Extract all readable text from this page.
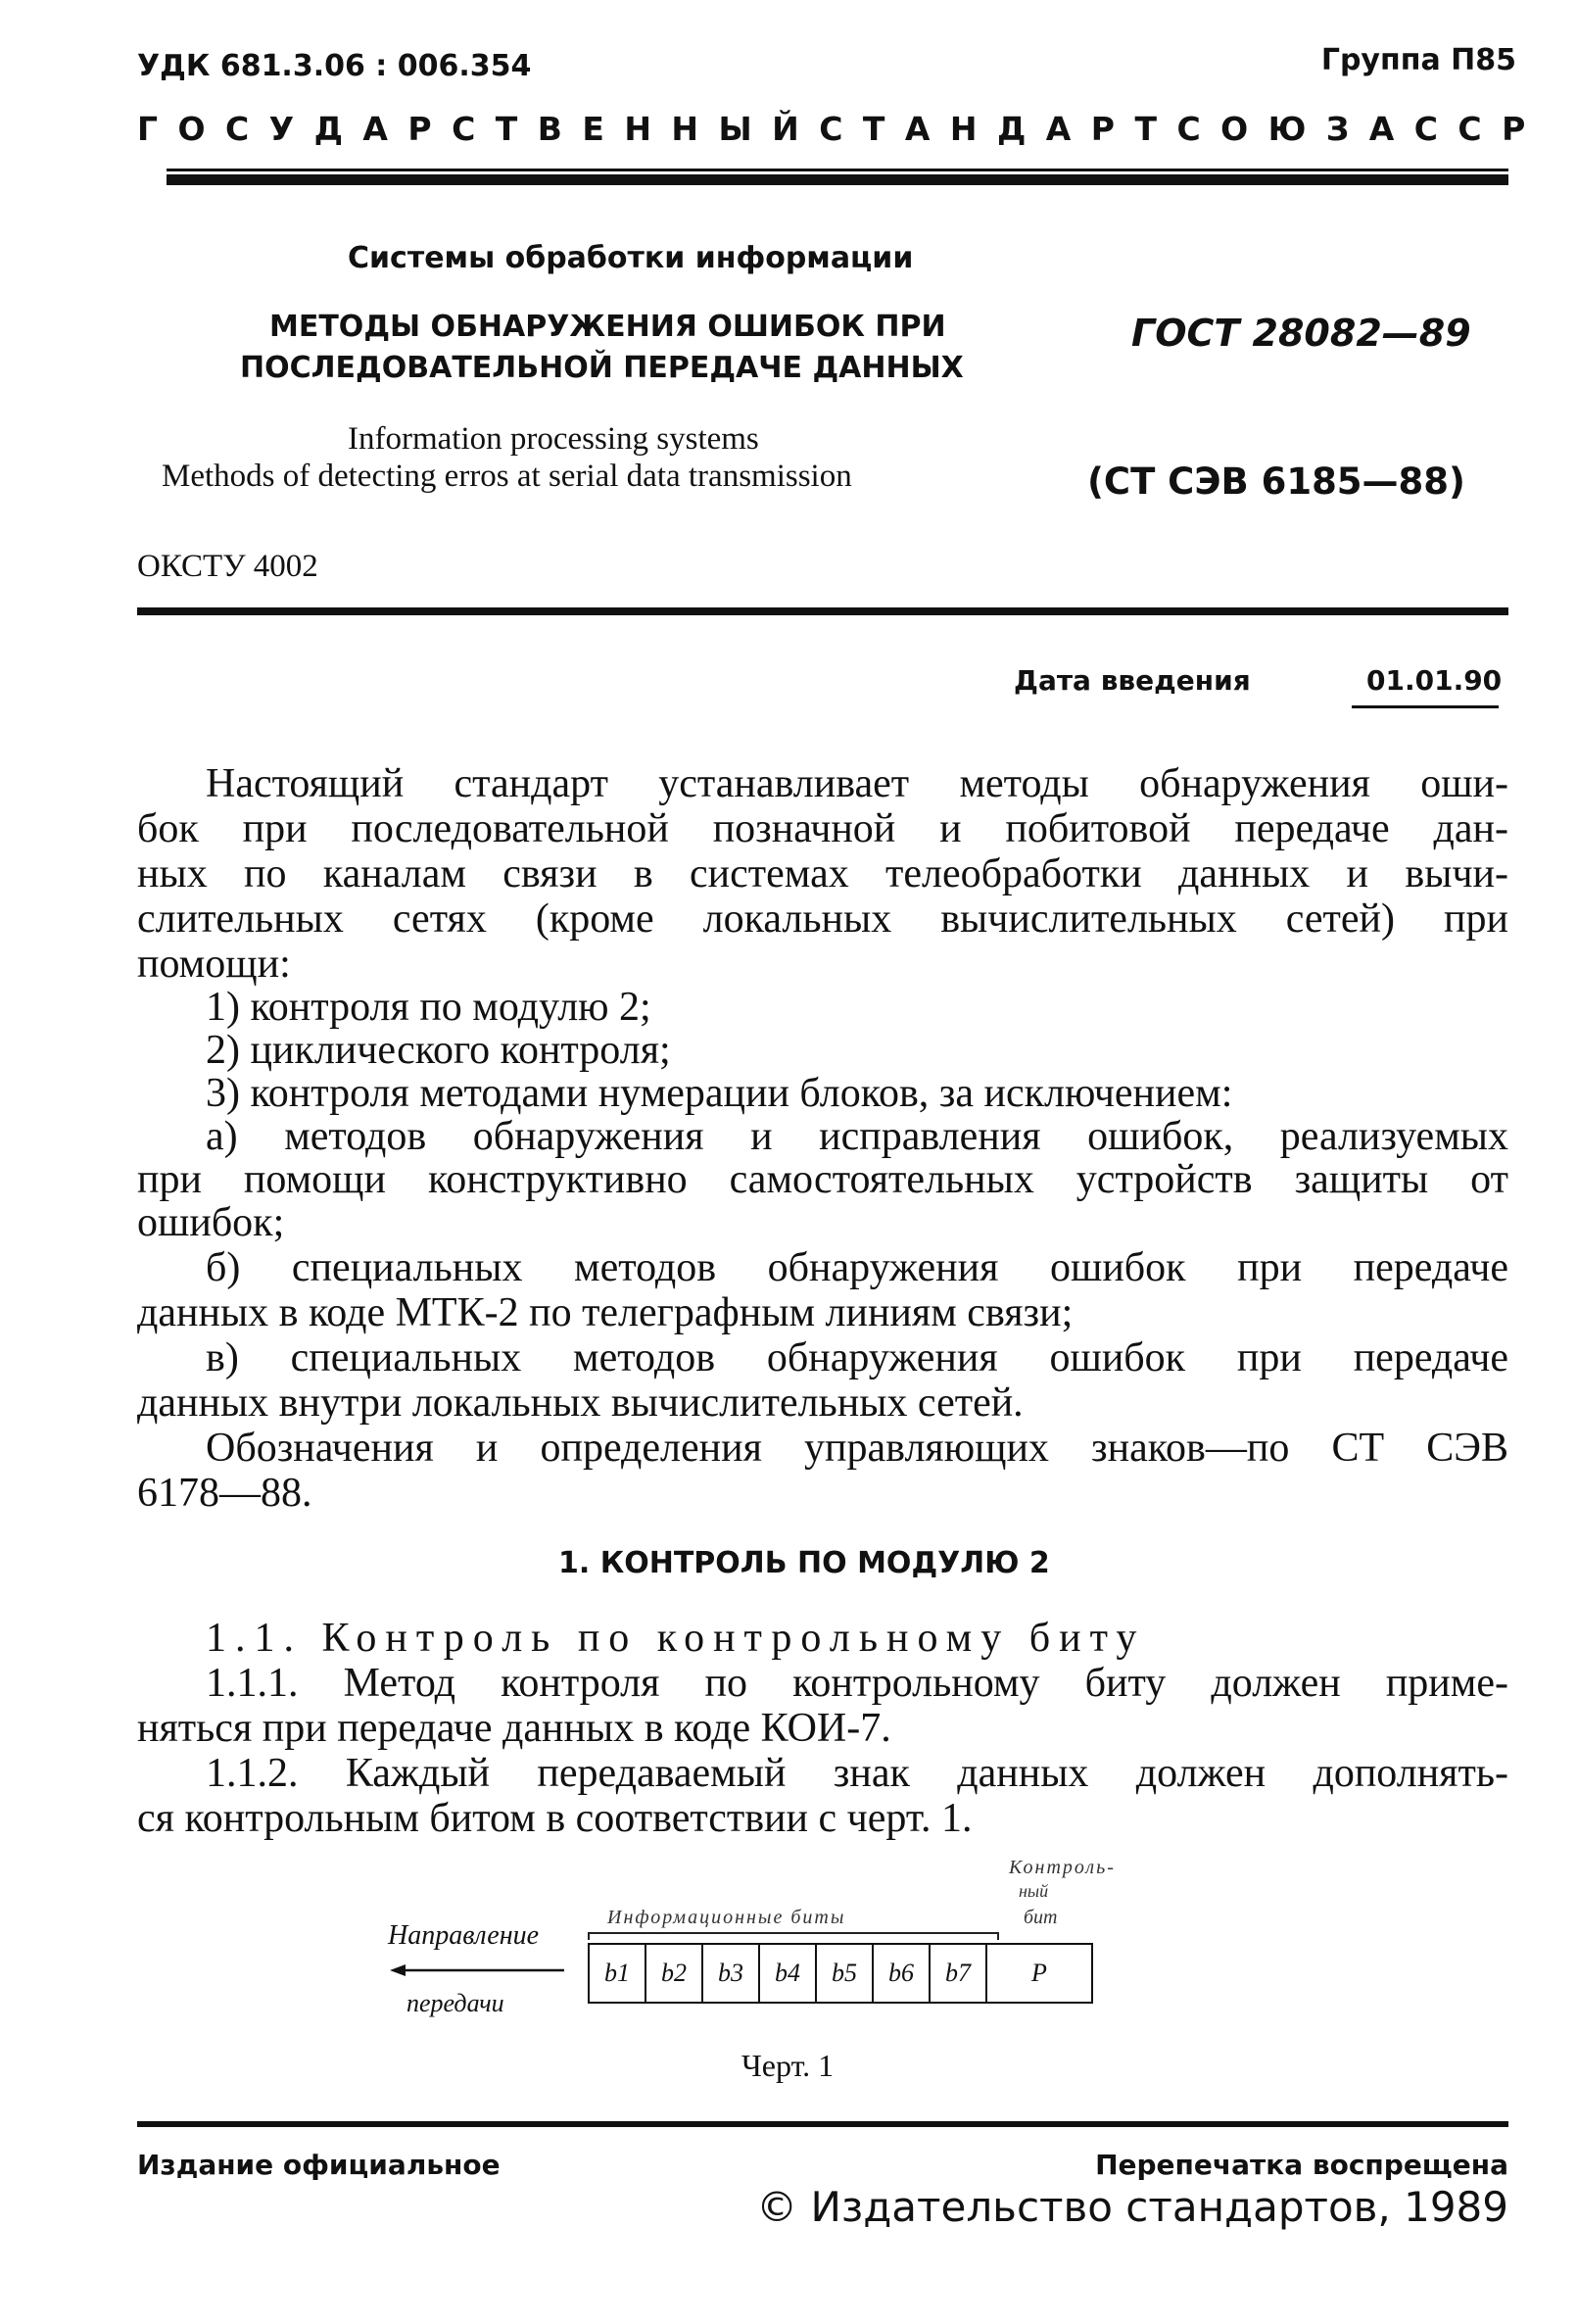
УДК 681.3.06 : 006.354	Группа П85
ГОСУДАРСТВЕННЫЙ СТАНДАРТ СОЮЗА ССР
Системы обработки информации
МЕТОДЫ ОБНАРУЖЕНИЯ ОШИБОК ПРИ
ПОСЛЕДОВАТЕЛЬНОЙ ПЕРЕДАЧЕ ДАННЫХ
ГОСТ 28082—89
Information processing systems
Methods of detecting erros at serial data transmission	(СТ СЭВ 6185—88)
ОКСТУ 4002
Дата введения	01.01.90
Настоящий стандарт устанавливает методы обнаружения оши-
бок при последовательной позначной и побитовой передаче дан-
ных по каналам связи в системах телеобработки данных и вычи-
слительных сетях (кроме локальных вычислительных сетей) при
помощи:
1) контроля по модулю 2;
2) циклического контроля;
3) контроля методами нумерации блоков, за исключением:
а) методов обнаружения и исправления ошибок, реализуемых
при помощи конструктивно самостоятельных устройств защиты от
ошибок;
б) специальных методов обнаружения ошибок при передаче
данных в коде МТК-2 по телеграфным линиям связи;
в) специальных методов обнаружения ошибок при передаче
данных внутри локальных вычислительных сетей.
Обозначения и определения управляющих знаков—по СТ СЭВ
6178—88.
1. КОНТРОЛЬ ПО МОДУЛЮ 2
1.1. Контроль по контрольному биту
1.1.1. Метод контроля по контрольному биту должен приме-
няться при передаче данных в коде КОИ-7.
1.1.2. Каждый передаваемый знак данных должен дополнять-
ся контрольным битом в соответствии с черт. 1.
Контроль-
ный
Информационные биты	бит
Направление
передачи
b1	b2	b3	b4	b5	b6	b7	P
Черт. 1
Издание официальное	Перепечатка воспрещена
© Издательство стандартов, 1989
